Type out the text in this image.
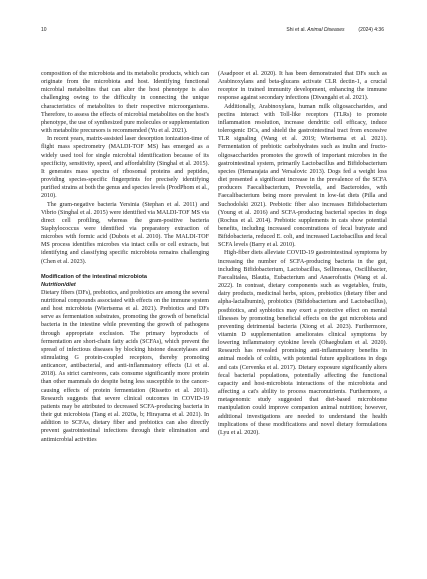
10	Shi et al. Animal Diseases	(2024) 4:36

composition of the microbiota and its metabolic products, which can originate from the microbiota and host. Identifying functional microbial metabolites that can alter the host phenotype is also challenging owing to the difficulty in connecting the unique characteristics of metabolites to their respective microorganisms. Therefore, to assess the effects of microbial metabolites on the host's phenotype, the use of synthesized pure molecules or supplementation with metabolite precursors is recommended (Yu et al. 2021).

In recent years, matrix-assisted laser desorption ionization-time of flight mass spectrometry (MALDI-TOF MS) has emerged as a widely used tool for single microbial identification because of its specificity, sensitivity, speed, and affordability (Singhal et al. 2015). It generates mass spectra of ribosomal proteins and peptides, providing species-specific fingerprints for precisely identifying purified strains at both the genus and species levels (ProdPhom et al., 2010).

The gram-negative bacteria Yersinia (Stephan et al. 2011) and Vibrio (Singhal et al. 2015) were identified via MALDI-TOF MS via direct cell profiling, whereas the gram-positive bacteria Staphylococcus were identified via preparatory extraction of microbes with formic acid (Dubois et al. 2010). The MALDI-TOF MS process identifies microbes via intact cells or cell extracts, but identifying and classifying specific microbiota remains challenging (Chen et al. 2023).

Modification of the intestinal microbiota
Nutrition/diet

Dietary fibers (DFs), prebiotics, and probiotics are among the several nutritional compounds associated with effects on the immune system and host microbiota (Wiertsema et al. 2021). Prebiotics and DFs serve as fermentation substrates, promoting the growth of beneficial bacteria in the intestine while preventing the growth of pathogens through appropriate exclusion. The primary byproducts of fermentation are short-chain fatty acids (SCFAs), which prevent the spread of infectious diseases by blocking histone deacetylases and stimulating G protein-coupled receptors, thereby promoting anticancer, antibacterial, and anti-inflammatory effects (Li et al. 2018). As strict carnivores, cats consume significantly more protein than other mammals do despite being less susceptible to the cancer-causing effects of protein fermentation (Rissetto et al. 2011). Research suggests that severe clinical outcomes in COVID-19 patients may be attributed to decreased SCFA-producing bacteria in their gut microbiota (Tang et al. 2020a, b; Hirayama et al. 2021). In addition to SCFAs, dietary fiber and prebiotics can also directly prevent gastrointestinal infections through their elimination and antimicrobial activities

(Asadpoor et al. 2020). It has been demonstrated that DFs such as Arabinoxylans and beta-glucans activate CLR dectin-1, a crucial receptor in trained immunity development, enhancing the immune response against secondary infections (Divangahi et al. 2021).

Additionally, Arabinoxylans, human milk oligosaccharides, and pectins interact with Toll-like receptors (TLRs) to promote inflammation resolution, increase dendritic cell efficacy, induce tolerogenic DCs, and shield the gastrointestinal tract from excessive TLR signaling (Wang et al. 2019; Wiertsema et al. 2021). Fermentation of prebiotic carbohydrates such as inulin and fructo-oligosaccharides promotes the growth of important microbes in the gastrointestinal system, primarily Lactobacillus and Bifidobacterium species (Hemarajata and Versalovic 2013). Dogs fed a weight loss diet presented a significant increase in the prevalence of the SCFA producers Faecalibacterium, Prevotella, and Bacteroides, with Faecalibacterium being more prevalent in low-fat diets (Pilla and Suchodolski 2021). Prebiotic fiber also increases Bifidobacterium (Young et al. 2016) and SCFA-producing bacterial species in dogs (Rochus et al. 2014). Prebiotic supplements in cats show potential benefits, including increased concentrations of fecal butyrate and Bifidobacteria, reduced E. coli, and increased Lactobacillus and fecal SCFA levels (Barry et al. 2010).

High-fiber diets alleviate COVID-19 gastrointestinal symptoms by increasing the number of SCFA-producing bacteria in the gut, including Bifidobacterium, Lactobacillus, Sellimonas, Oscillibacter, Faecalitalea, Blautia, Eubacterium and Anaerofustis (Wang et al. 2022). In contrast, dietary components such as vegetables, fruits, dairy products, medicinal herbs, spices, prebiotics (dietary fiber and alpha-lactalbumin), probiotics (Bifidobacterium and Lactobacillus), postbiotics, and synbiotics may exert a protective effect on mental illnesses by promoting beneficial effects on the gut microbiota and preventing detrimental bacteria (Xiong et al. 2023). Furthermore, vitamin D supplementation ameliorates clinical symptoms by lowering inflammatory cytokine levels (Ohaegbulam et al. 2020). Research has revealed promising anti-inflammatory benefits in animal models of colitis, with potential future applications in dogs and cats (Cervenka et al. 2017). Dietary exposure significantly alters fecal bacterial populations, potentially affecting the functional capacity and host-microbiota interactions of the microbiota and affecting a cat's ability to process macronutrients. Furthermore, a metagenomic study suggested that diet-based microbiome manipulation could improve companion animal nutrition; however, additional investigations are needed to understand the health implications of these modifications and novel dietary formulations (Lyu et al. 2020).
